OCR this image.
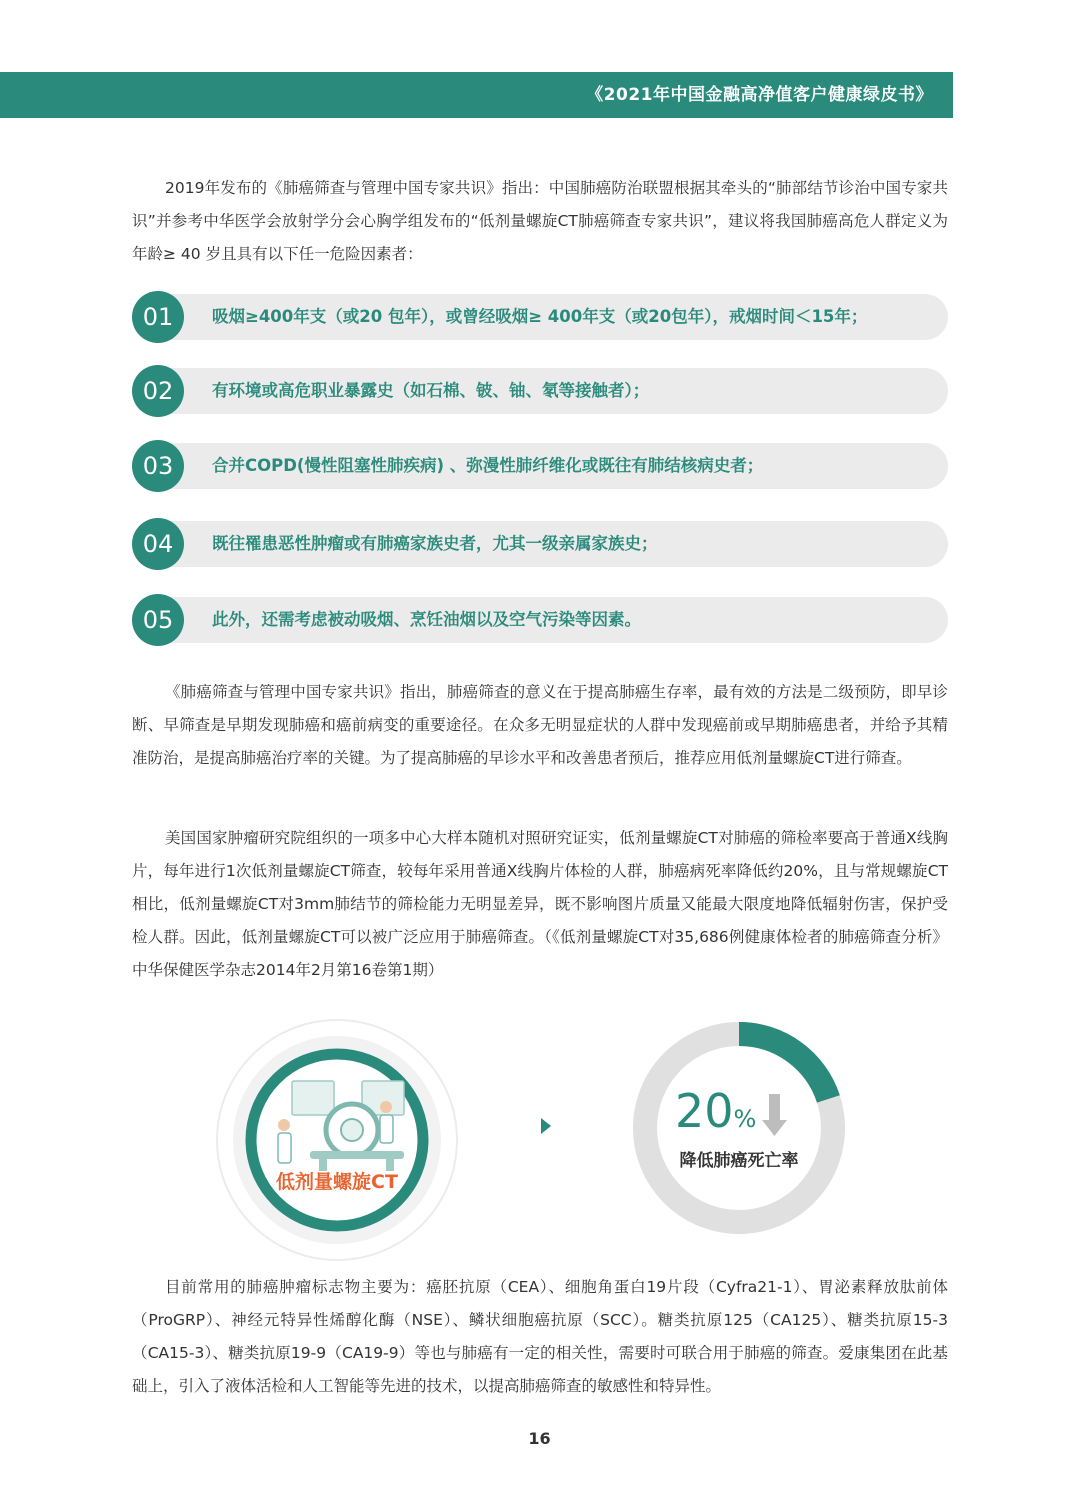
《2021年中国金融高净值客户健康绿皮书》

2019年发布的《肺癌筛查与管理中国专家共识》指出：中国肺癌防治联盟根据其牵头的“肺部结节诊治中国专家共识”并参考中华医学会放射学分会心胸学组发布的“低剂量螺旋CT肺癌筛查专家共识”，建议将我国肺癌高危人群定义为年龄≥ 40 岁且具有以下任一危险因素者：

01	吸烟≥400年支（或20 包年），或曾经吸烟≥ 400年支（或20包年），戒烟时间＜15年；
02	有环境或高危职业暴露史（如石棉、铍、铀、氡等接触者）；
03	合并COPD(慢性阻塞性肺疾病) 、弥漫性肺纤维化或既往有肺结核病史者；
04	既往罹患恶性肿瘤或有肺癌家族史者，尤其一级亲属家族史；
05	此外，还需考虑被动吸烟、烹饪油烟以及空气污染等因素。

《肺癌筛查与管理中国专家共识》指出，肺癌筛查的意义在于提高肺癌生存率，最有效的方法是二级预防，即早诊断、早筛查是早期发现肺癌和癌前病变的重要途径。在众多无明显症状的人群中发现癌前或早期肺癌患者，并给予其精准防治，是提高肺癌治疗率的关键。为了提高肺癌的早诊水平和改善患者预后，推荐应用低剂量螺旋CT进行筛查。

美国国家肿瘤研究院组织的一项多中心大样本随机对照研究证实，低剂量螺旋CT对肺癌的筛检率要高于普通X线胸片，每年进行1次低剂量螺旋CT筛查，较每年采用普通X线胸片体检的人群，肺癌病死率降低约20%，且与常规螺旋CT相比，低剂量螺旋CT对3mm肺结节的筛检能力无明显差异，既不影响图片质量又能最大限度地降低辐射伤害，保护受检人群。因此，低剂量螺旋CT可以被广泛应用于肺癌筛查。（《低剂量螺旋CT对35,686例健康体检者的肺癌筛查分析》中华保健医学杂志2014年2月第16卷第1期）

低剂量螺旋CT
20%
降低肺癌死亡率

目前常用的肺癌肿瘤标志物主要为：癌胚抗原（CEA）、细胞角蛋白19片段（Cyfra21-1）、胃泌素释放肽前体（ProGRP）、神经元特异性烯醇化酶（NSE）、鳞状细胞癌抗原（SCC）。糖类抗原125（CA125）、糖类抗原15-3（CA15-3）、糖类抗原19-9（CA19-9）等也与肺癌有一定的相关性，需要时可联合用于肺癌的筛查。爱康集团在此基础上，引入了液体活检和人工智能等先进的技术，以提高肺癌筛查的敏感性和特异性。

16
